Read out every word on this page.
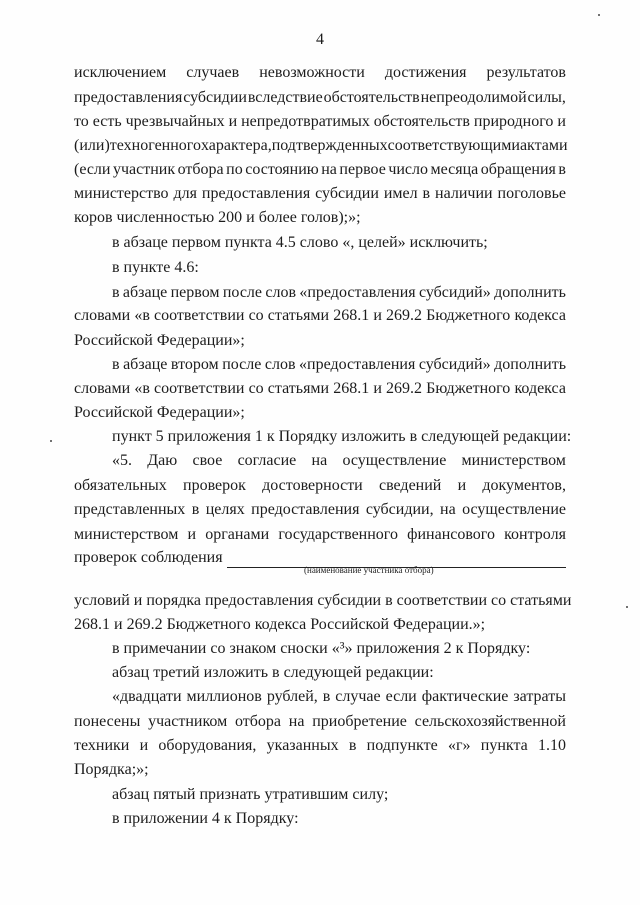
4
исключением случаев невозможности достижения результатов
предоставления субсидии вследствие обстоятельств непреодолимой силы,
то есть чрезвычайных и непредотвратимых обстоятельств природного и
(или) техногенного характера, подтвержденных соответствующими актами
(если участник отбора по состоянию на первое число месяца обращения в
министерство для предоставления субсидии имел в наличии поголовье
коров численностью 200 и более голов);»;
в абзаце первом пункта 4.5 слово «, целей» исключить;
в пункте 4.6:
в абзаце первом после слов «предоставления субсидий» дополнить
словами «в соответствии со статьями 268.1 и 269.2 Бюджетного кодекса
Российской Федерации»;
в абзаце втором после слов «предоставления субсидий» дополнить
словами «в соответствии со статьями 268.1 и 269.2 Бюджетного кодекса
Российской Федерации»;
пункт 5 приложения 1 к Порядку изложить в следующей редакции:
«5. Даю свое согласие на осуществление министерством
обязательных проверок достоверности сведений и документов,
представленных в целях предоставления субсидии, на осуществление
министерством и органами государственного финансового контроля
проверок соблюдения
(наименование участника отбора)
условий и порядка предоставления субсидии в соответствии со статьями
268.1 и 269.2 Бюджетного кодекса Российской Федерации.»;
в примечании со знаком сноски «³» приложения 2 к Порядку:
абзац третий изложить в следующей редакции:
«двадцати миллионов рублей, в случае если фактические затраты
понесены участником отбора на приобретение сельскохозяйственной
техники и оборудования, указанных в подпункте «г» пункта 1.10
Порядка;»;
абзац пятый признать утратившим силу;
в приложении 4 к Порядку:
